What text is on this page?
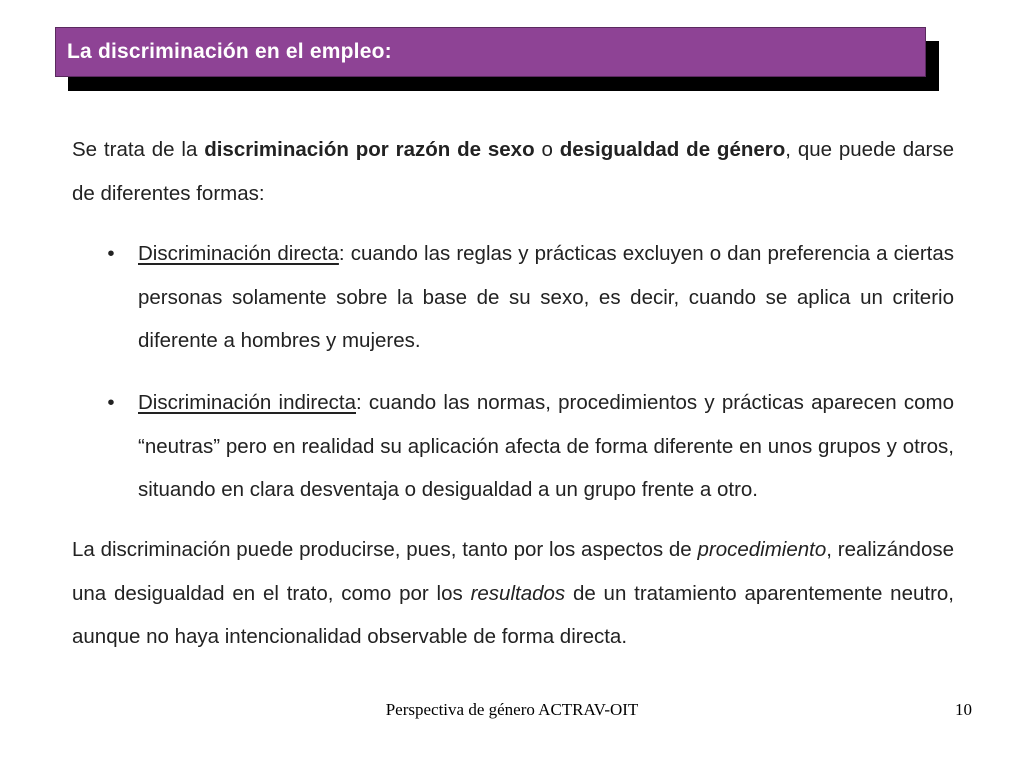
La discriminación en el empleo:
Se trata de la discriminación por razón de sexo o desigualdad de género, que puede darse de diferentes formas:
• Discriminación directa: cuando las reglas y prácticas excluyen o dan preferencia a ciertas personas solamente sobre la base de su sexo, es decir, cuando se aplica un criterio diferente a hombres y mujeres.
• Discriminación indirecta: cuando las normas, procedimientos y prácticas aparecen como “neutras” pero en realidad su aplicación afecta de forma diferente en unos grupos y otros, situando en clara desventaja o desigualdad a un grupo frente a otro.
La discriminación puede producirse, pues, tanto por los aspectos de procedimiento, realizándose una desigualdad en el trato, como por los resultados de un tratamiento aparentemente neutro, aunque no haya intencionalidad observable de forma directa.
Perspectiva de género ACTRAV-OIT	10
